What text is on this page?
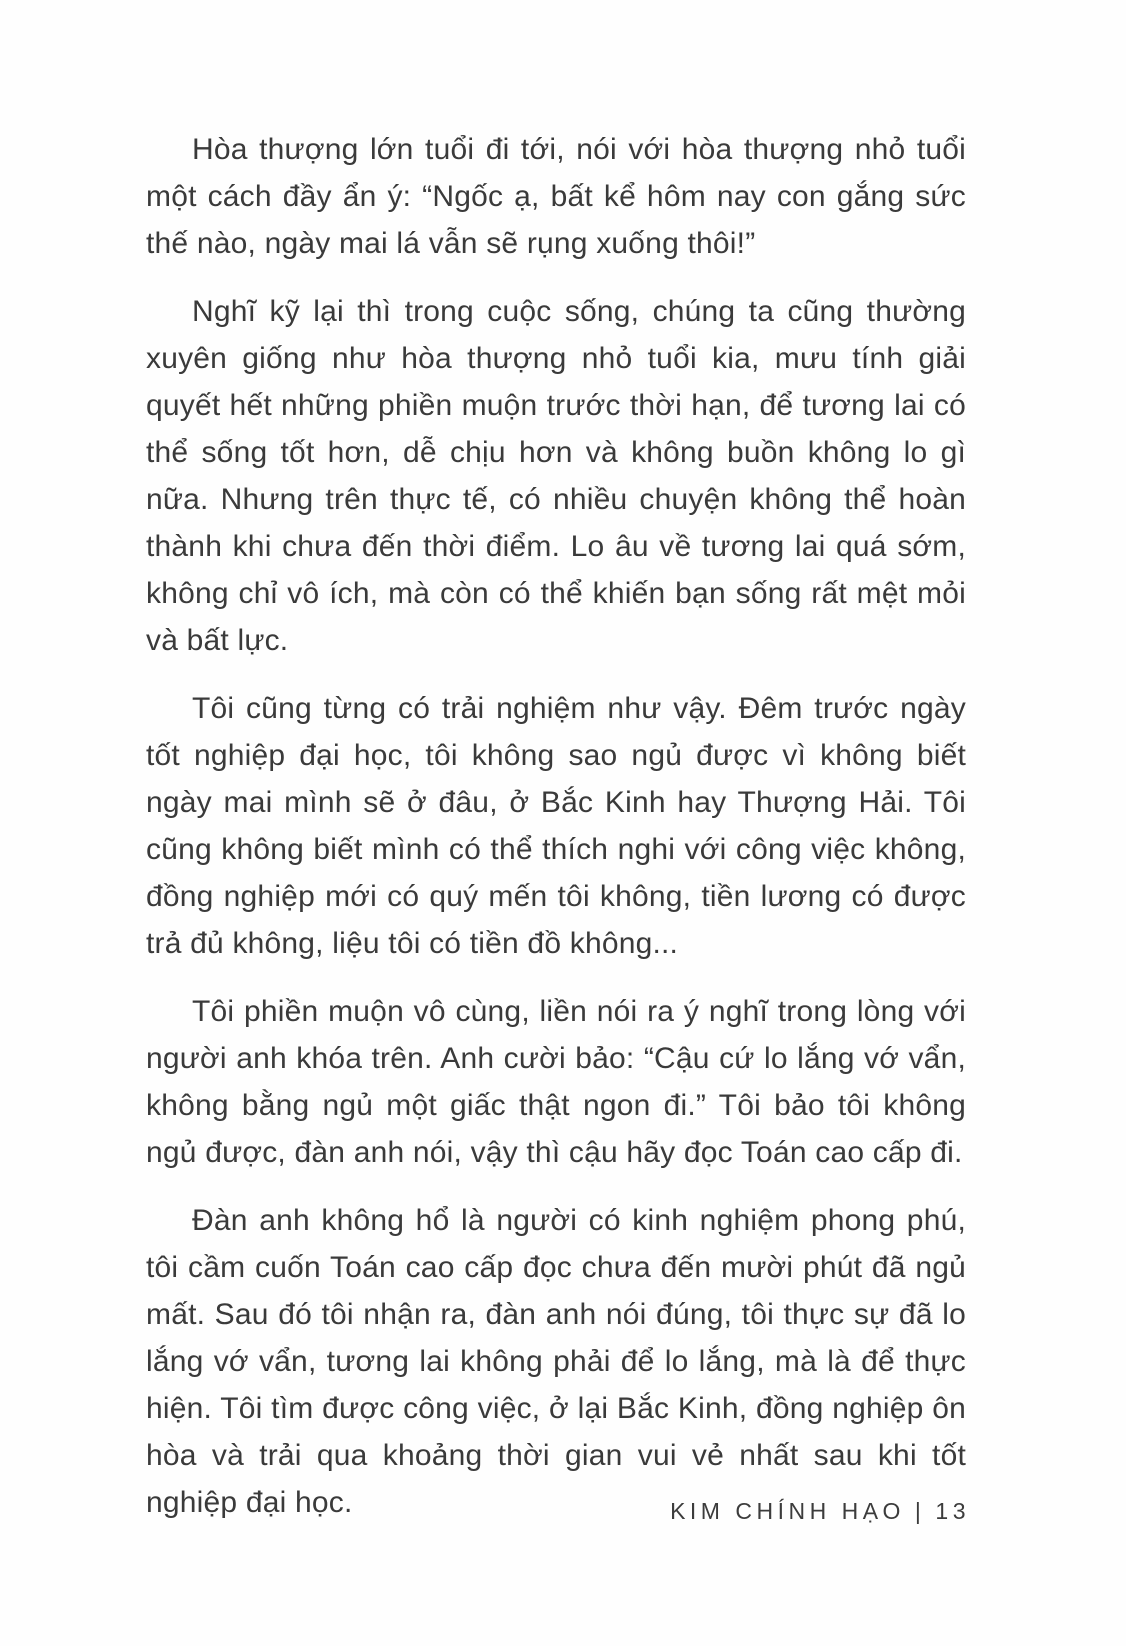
Hòa thượng lớn tuổi đi tới, nói với hòa thượng nhỏ tuổi một cách đầy ẩn ý: “Ngốc ạ, bất kể hôm nay con gắng sức thế nào, ngày mai lá vẫn sẽ rụng xuống thôi!”

Nghĩ kỹ lại thì trong cuộc sống, chúng ta cũng thường xuyên giống như hòa thượng nhỏ tuổi kia, mưu tính giải quyết hết những phiền muộn trước thời hạn, để tương lai có thể sống tốt hơn, dễ chịu hơn và không buồn không lo gì nữa. Nhưng trên thực tế, có nhiều chuyện không thể hoàn thành khi chưa đến thời điểm. Lo âu về tương lai quá sớm, không chỉ vô ích, mà còn có thể khiến bạn sống rất mệt mỏi và bất lực.

Tôi cũng từng có trải nghiệm như vậy. Đêm trước ngày tốt nghiệp đại học, tôi không sao ngủ được vì không biết ngày mai mình sẽ ở đâu, ở Bắc Kinh hay Thượng Hải. Tôi cũng không biết mình có thể thích nghi với công việc không, đồng nghiệp mới có quý mến tôi không, tiền lương có được trả đủ không, liệu tôi có tiền đồ không...

Tôi phiền muộn vô cùng, liền nói ra ý nghĩ trong lòng với người anh khóa trên. Anh cười bảo: “Cậu cứ lo lắng vớ vẩn, không bằng ngủ một giấc thật ngon đi.” Tôi bảo tôi không ngủ được, đàn anh nói, vậy thì cậu hãy đọc Toán cao cấp đi.

Đàn anh không hổ là người có kinh nghiệm phong phú, tôi cầm cuốn Toán cao cấp đọc chưa đến mười phút đã ngủ mất. Sau đó tôi nhận ra, đàn anh nói đúng, tôi thực sự đã lo lắng vớ vẩn, tương lai không phải để lo lắng, mà là để thực hiện. Tôi tìm được công việc, ở lại Bắc Kinh, đồng nghiệp ôn hòa và trải qua khoảng thời gian vui vẻ nhất sau khi tốt nghiệp đại học.	KIM CHÍNH HẠO | 13
